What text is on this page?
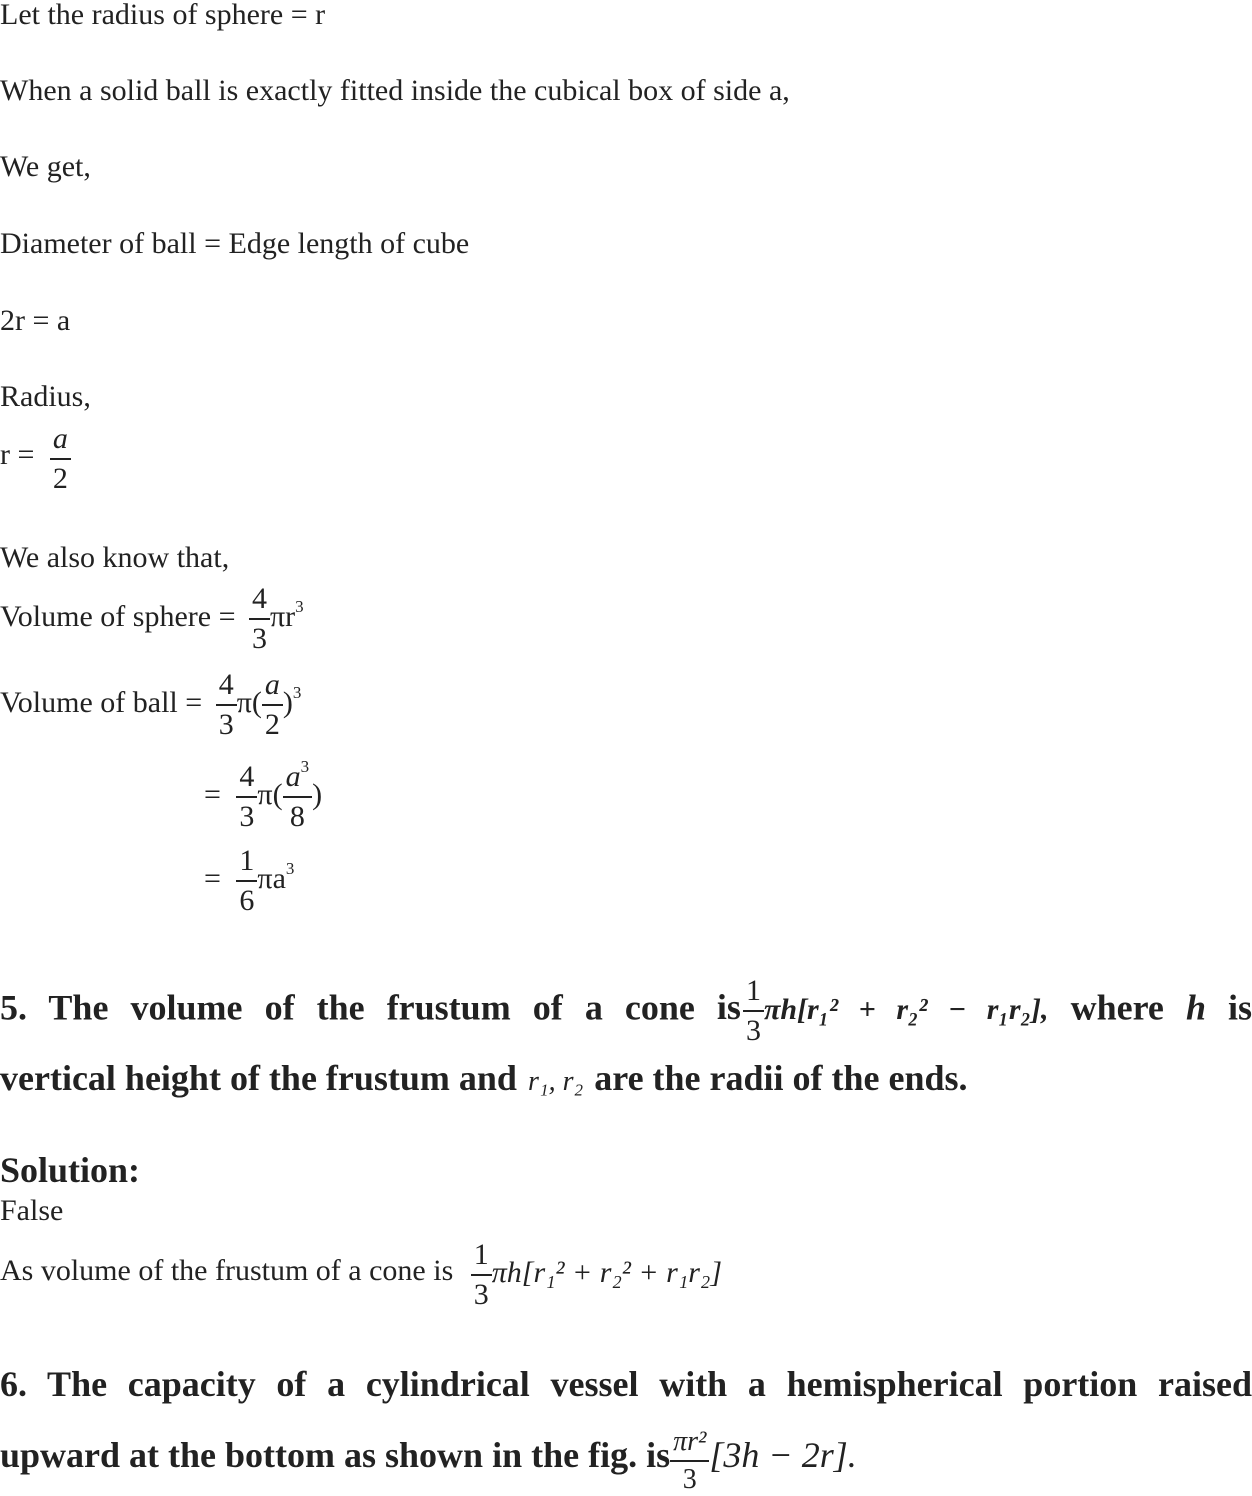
Let the radius of sphere = r
When a solid ball is exactly fitted inside the cubical box of side a,
We get,
Diameter of ball = Edge length of cube
2r = a
Radius,
$r = \frac{a}{2}$
We also know that,
Volume of sphere = $\frac{4}{3} \pi r^3$
Volume of ball = $\frac{4}{3} \pi( \frac{a}{2} )^3$
= $\frac{4}{3} \pi( \frac{a^3}{8}$ )
= $\frac{1}{6} \pi a^3$
5. The volume of the frustum of a cone is $\frac{1}{3} \pi h[r_1^2 + r_2^2 - r_1r_2]$, where h is
vertical height of the frustum and r₁, r₂ are the radii of the ends.
Solution:
False
As volume of the frustum of a cone is $\frac{1}{3} \pi h[r_1^2 + r_2^2 + r_1r_2]$
6. The capacity of a cylindrical vessel with a hemispherical portion raised
upward at the bottom as shown in the fig. is $\frac{\text{πr²}}{3} [3h - 2r]$.
